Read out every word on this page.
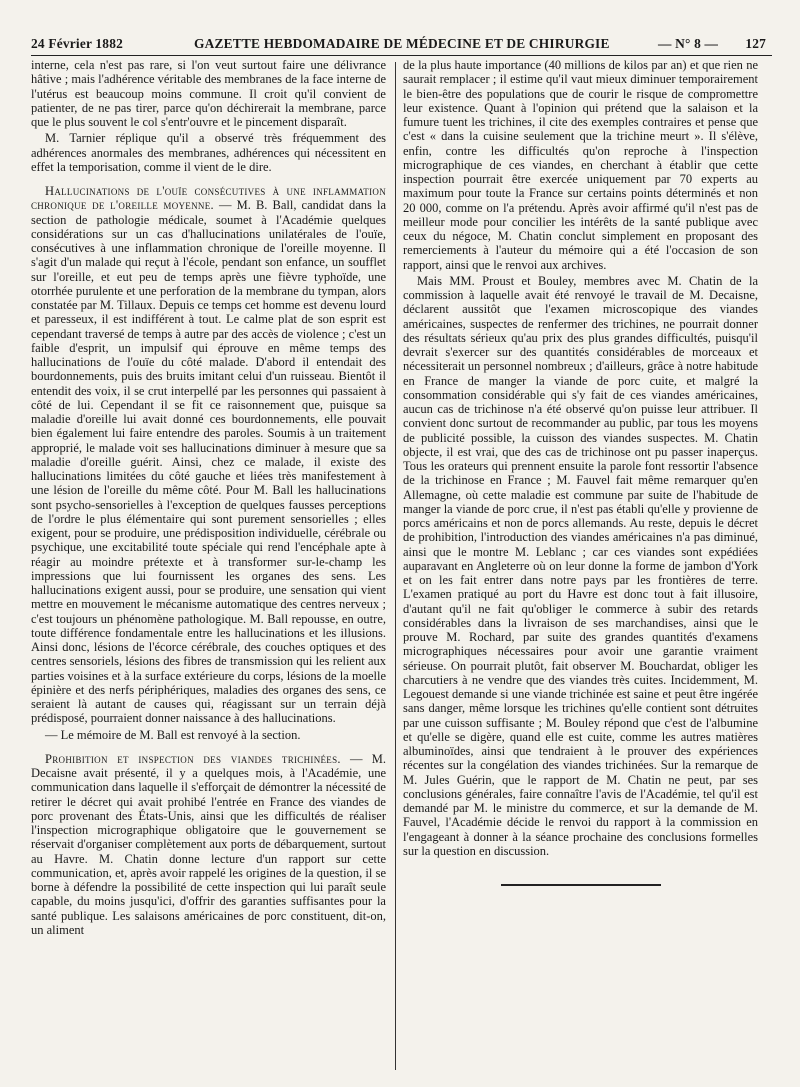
24 Février 1882	GAZETTE HEBDOMADAIRE DE MÉDECINE ET DE CHIRURGIE	— N° 8 — 127

interne, cela n'est pas rare, si l'on veut surtout faire une délivrance hâtive ; mais l'adhérence véritable des membranes de la face interne de l'utérus est beaucoup moins commune. Il croit qu'il convient de patienter, de ne pas tirer, parce qu'on déchirerait la membrane, parce que le plus souvent le col s'entr'ouvre et le pincement disparaît.

M. Tarnier réplique qu'il a observé très fréquemment des adhérences anormales des membranes, adhérences qui nécessitent en effet la temporisation, comme il vient de le dire.

Hallucinations de l'ouïe consécutives à une inflammation chronique de l'oreille moyenne. — M. B. Ball, candidat dans la section de pathologie médicale, soumet à l'Académie quelques considérations sur un cas d'hallucinations unilatérales de l'ouïe, consécutives à une inflammation chronique de l'oreille moyenne. Il s'agit d'un malade qui reçut à l'école, pendant son enfance, un soufflet sur l'oreille, et eut peu de temps après une fièvre typhoïde, une otorrhée purulente et une perforation de la membrane du tympan, alors constatée par M. Tillaux. Depuis ce temps cet homme est devenu lourd et paresseux, il est indifférent à tout. Le calme plat de son esprit est cependant traversé de temps à autre par des accès de violence ; c'est un faible d'esprit, un impulsif qui éprouve en même temps des hallucinations de l'ouïe du côté malade. D'abord il entendait des bourdonnements, puis des bruits imitant celui d'un ruisseau. Bientôt il entendit des voix, il se crut interpellé par les personnes qui passaient à côté de lui. Cependant il se fit ce raisonnement que, puisque sa maladie d'oreille lui avait donné ces bourdonnements, elle pouvait bien également lui faire entendre des paroles. Soumis à un traitement approprié, le malade voit ses hallucinations diminuer à mesure que sa maladie d'oreille guérit. Ainsi, chez ce malade, il existe des hallucinations limitées du côté gauche et liées très manifestement à une lésion de l'oreille du même côté. Pour M. Ball les hallucinations sont psycho-sensorielles à l'exception de quelques fausses perceptions de l'ordre le plus élémentaire qui sont purement sensorielles ; elles exigent, pour se produire, une prédisposition individuelle, cérébrale ou psychique, une excitabilité toute spéciale qui rend l'encéphale apte à réagir au moindre prétexte et à transformer sur-le-champ les impressions que lui fournissent les organes des sens. Les hallucinations exigent aussi, pour se produire, une sensation qui vient mettre en mouvement le mécanisme automatique des centres nerveux ; c'est toujours un phénomène pathologique. M. Ball repousse, en outre, toute différence fondamentale entre les hallucinations et les illusions. Ainsi donc, lésions de l'écorce cérébrale, des couches optiques et des centres sensoriels, lésions des fibres de transmission qui les relient aux parties voisines et à la surface extérieure du corps, lésions de la moelle épinière et des nerfs périphériques, maladies des organes des sens, ce seraient là autant de causes qui, réagissant sur un terrain déjà prédisposé, pourraient donner naissance à des hallucinations.

— Le mémoire de M. Ball est renvoyé à la section.

Prohibition et inspection des viandes trichinées. — M. Decaisne avait présenté, il y a quelques mois, à l'Académie, une communication dans laquelle il s'efforçait de démontrer la nécessité de retirer le décret qui avait prohibé l'entrée en France des viandes de porc provenant des États-Unis, ainsi que les difficultés de réaliser l'inspection micrographique obligatoire que le gouvernement se réservait d'organiser complètement aux ports de débarquement, surtout au Havre. M. Chatin donne lecture d'un rapport sur cette communication, et, après avoir rappelé les origines de la question, il se borne à défendre la possibilité de cette inspection qui lui paraît seule capable, du moins jusqu'ici, d'offrir des garanties suffisantes pour la santé publique. Les salaisons américaines de porc constituent, dit-on, un aliment

de la plus haute importance (40 millions de kilos par an) et que rien ne saurait remplacer ; il estime qu'il vaut mieux diminuer temporairement le bien-être des populations que de courir le risque de compromettre leur existence. Quant à l'opinion qui prétend que la salaison et la fumure tuent les trichines, il cite des exemples contraires et pense que c'est « dans la cuisine seulement que la trichine meurt ». Il s'élève, enfin, contre les difficultés qu'on reproche à l'inspection micrographique de ces viandes, en cherchant à établir que cette inspection pourrait être exercée uniquement par 70 experts au maximum pour toute la France sur certains points déterminés et non 20 000, comme on l'a prétendu. Après avoir affirmé qu'il n'est pas de meilleur mode pour concilier les intérêts de la santé publique avec ceux du négoce, M. Chatin conclut simplement en proposant des remerciements à l'auteur du mémoire qui a été l'occasion de son rapport, ainsi que le renvoi aux archives.

Mais MM. Proust et Bouley, membres avec M. Chatin de la commission à laquelle avait été renvoyé le travail de M. Decaisne, déclarent aussitôt que l'examen microscopique des viandes américaines, suspectes de renfermer des trichines, ne pourrait donner des résultats sérieux qu'au prix des plus grandes difficultés, puisqu'il devrait s'exercer sur des quantités considérables de morceaux et nécessiterait un personnel nombreux ; d'ailleurs, grâce à notre habitude en France de manger la viande de porc cuite, et malgré la consommation considérable qui s'y fait de ces viandes américaines, aucun cas de trichinose n'a été observé qu'on puisse leur attribuer. Il convient donc surtout de recommander au public, par tous les moyens de publicité possible, la cuisson des viandes suspectes. M. Chatin objecte, il est vrai, que des cas de trichinose ont pu passer inaperçus. Tous les orateurs qui prennent ensuite la parole font ressortir l'absence de la trichinose en France ; M. Fauvel fait même remarquer qu'en Allemagne, où cette maladie est commune par suite de l'habitude de manger la viande de porc crue, il n'est pas établi qu'elle y provienne de porcs américains et non de porcs allemands. Au reste, depuis le décret de prohibition, l'introduction des viandes américaines n'a pas diminué, ainsi que le montre M. Leblanc ; car ces viandes sont expédiées auparavant en Angleterre où on leur donne la forme de jambon d'York et on les fait entrer dans notre pays par les frontières de terre. L'examen pratiqué au port du Havre est donc tout à fait illusoire, d'autant qu'il ne fait qu'obliger le commerce à subir des retards considérables dans la livraison de ses marchandises, ainsi que le prouve M. Rochard, par suite des grandes quantités d'examens micrographiques nécessaires pour avoir une garantie vraiment sérieuse. On pourrait plutôt, fait observer M. Bouchardat, obliger les charcutiers à ne vendre que des viandes très cuites. Incidemment, M. Legouest demande si une viande trichinée est saine et peut être ingérée sans danger, même lorsque les trichines qu'elle contient sont détruites par une cuisson suffisante ; M. Bouley répond que c'est de l'albumine et qu'elle se digère, quand elle est cuite, comme les autres matières albuminoïdes, ainsi que tendraient à le prouver des expériences récentes sur la congélation des viandes trichinées. Sur la remarque de M. Jules Guérin, que le rapport de M. Chatin ne peut, par ses conclusions générales, faire connaître l'avis de l'Académie, tel qu'il est demandé par M. le ministre du commerce, et sur la demande de M. Fauvel, l'Académie décide le renvoi du rapport à la commission en l'engageant à donner à la séance prochaine des conclusions formelles sur la question en discussion.
